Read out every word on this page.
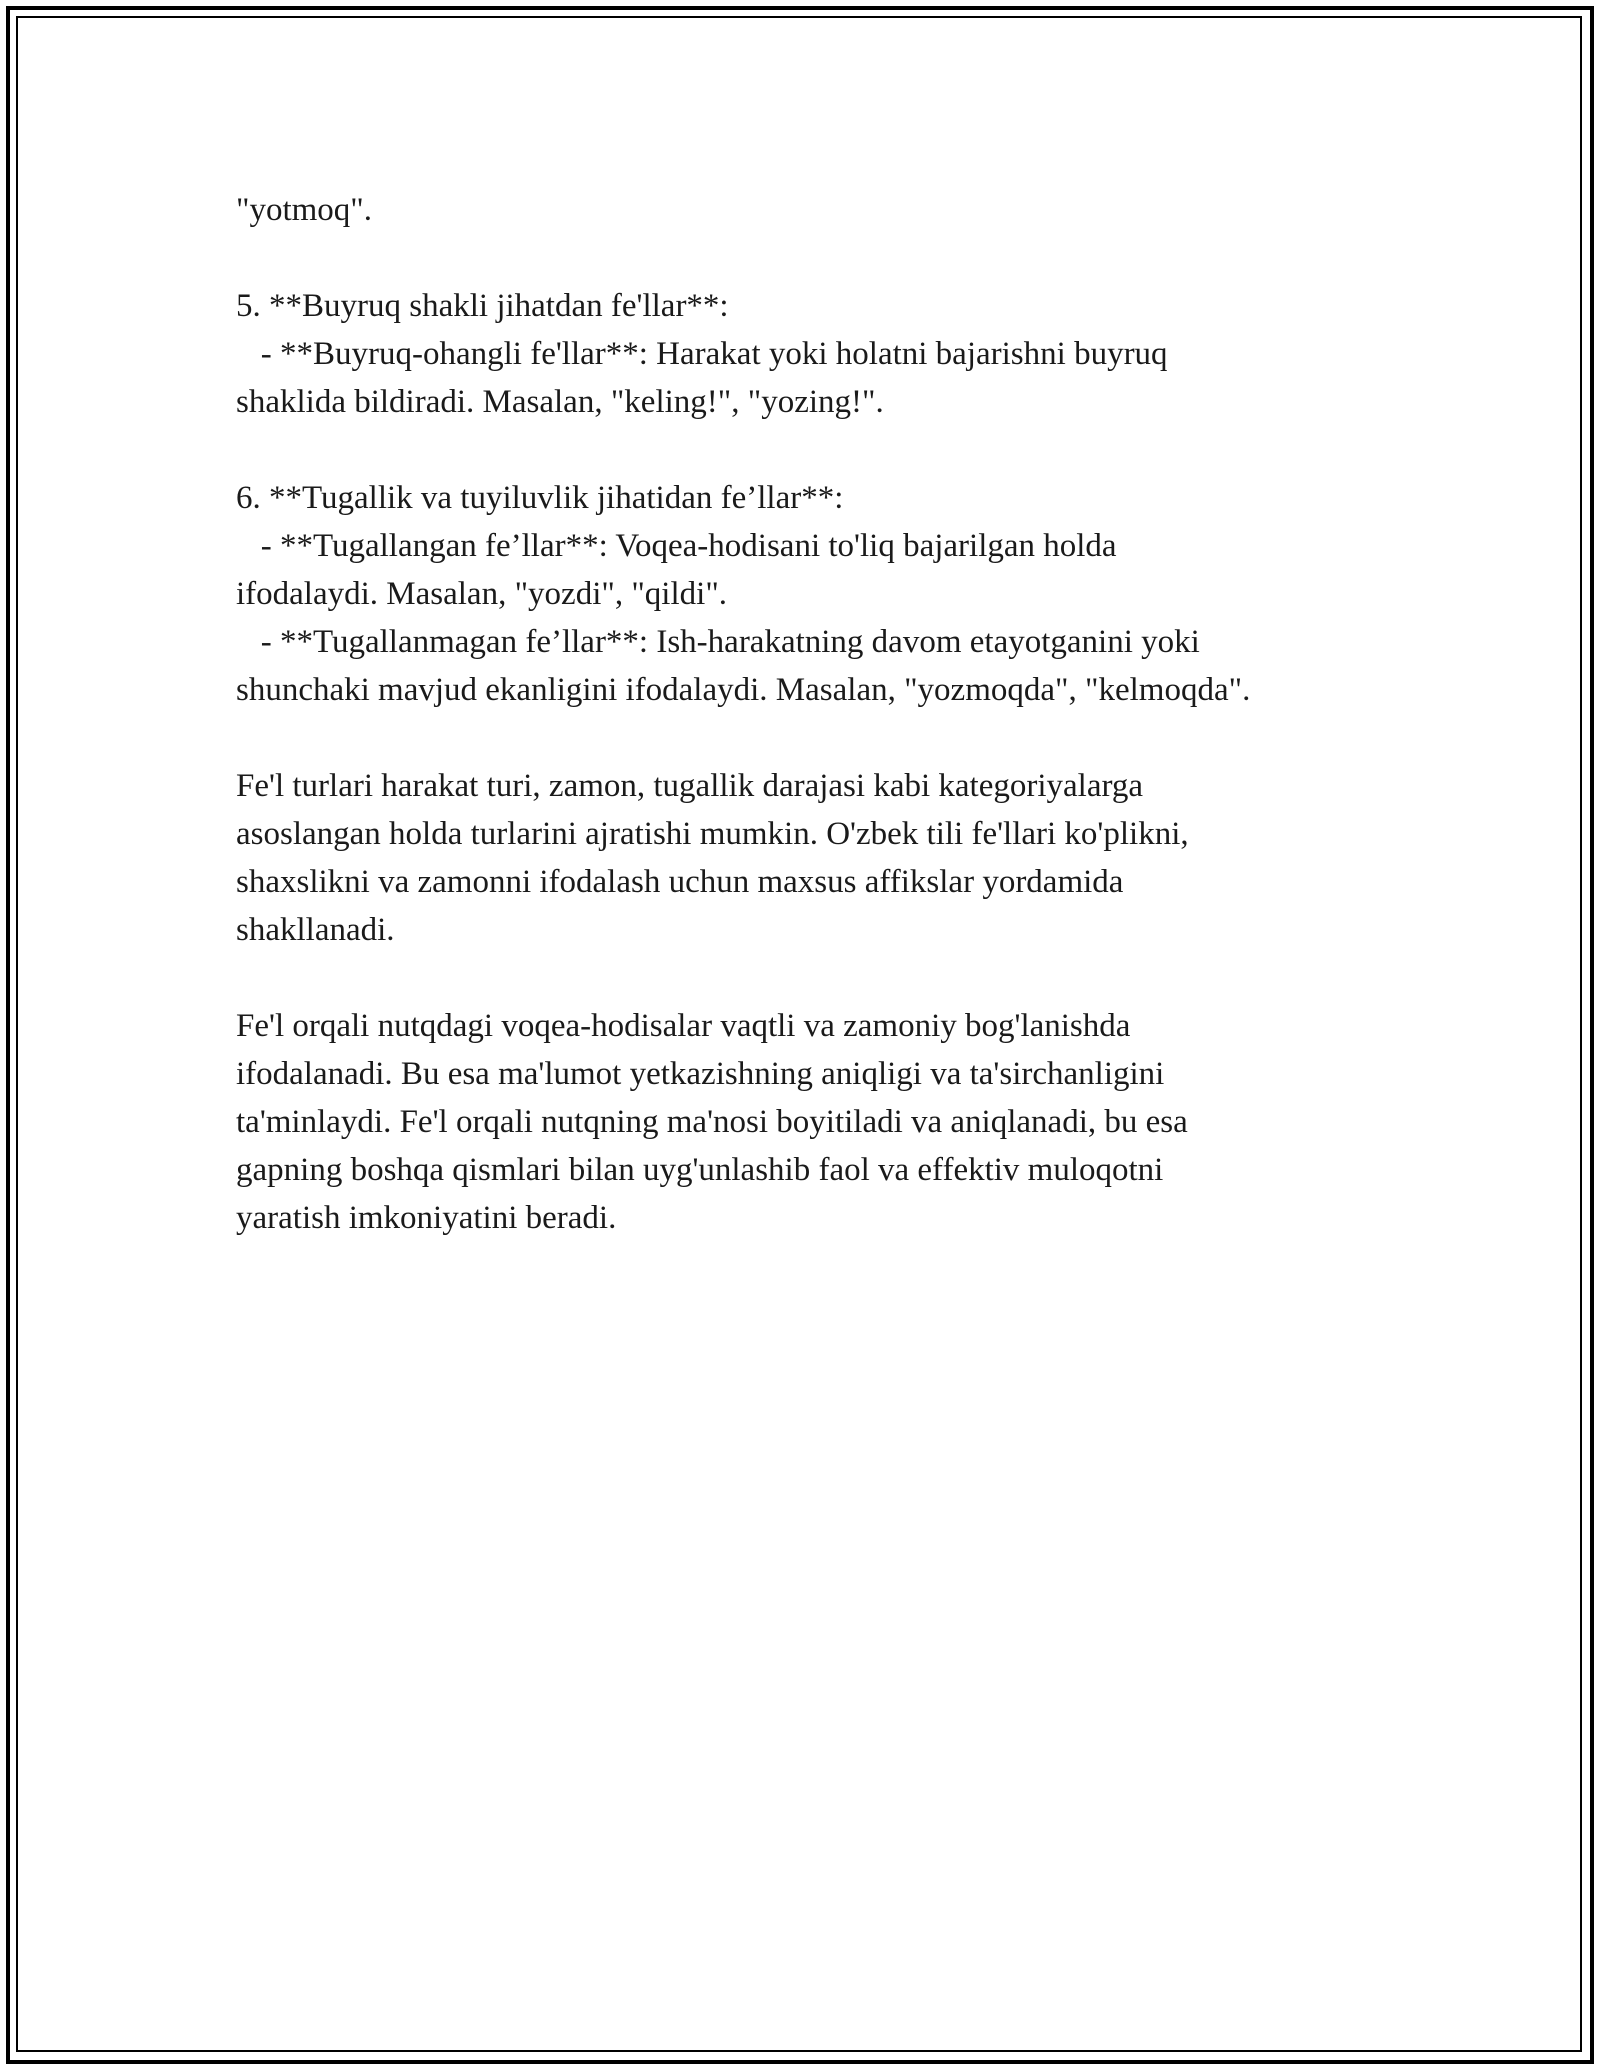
"yotmoq".

5. **Buyruq shakli jihatdan fe'llar**:

- **Buyruq-ohangli fe'llar**: Harakat yoki holatni bajarishni buyruq

shaklida bildiradi. Masalan, "keling!", "yozing!".

6. **Tugallik va tuyiluvlik jihatidan fe’llar**:

- **Tugallangan fe’llar**: Voqea-hodisani to'liq bajarilgan holda

ifodalaydi. Masalan, "yozdi", "qildi".

- **Tugallanmagan fe’llar**: Ish-harakatning davom etayotganini yoki

shunchaki mavjud ekanligini ifodalaydi. Masalan, "yozmoqda", "kelmoqda".

Fe'l turlari harakat turi, zamon, tugallik darajasi kabi kategoriyalarga

asoslangan holda turlarini ajratishi mumkin. O'zbek tili fe'llari ko'plikni,

shaxslikni va zamonni ifodalash uchun maxsus affikslar yordamida

shakllanadi.

Fe'l orqali nutqdagi voqea-hodisalar vaqtli va zamoniy bog'lanishda

ifodalanadi. Bu esa ma'lumot yetkazishning aniqligi va ta'sirchanligini

ta'minlaydi. Fe'l orqali nutqning ma'nosi boyitiladi va aniqlanadi, bu esa

gapning boshqa qismlari bilan uyg'unlashib faol va effektiv muloqotni

yaratish imkoniyatini beradi.
